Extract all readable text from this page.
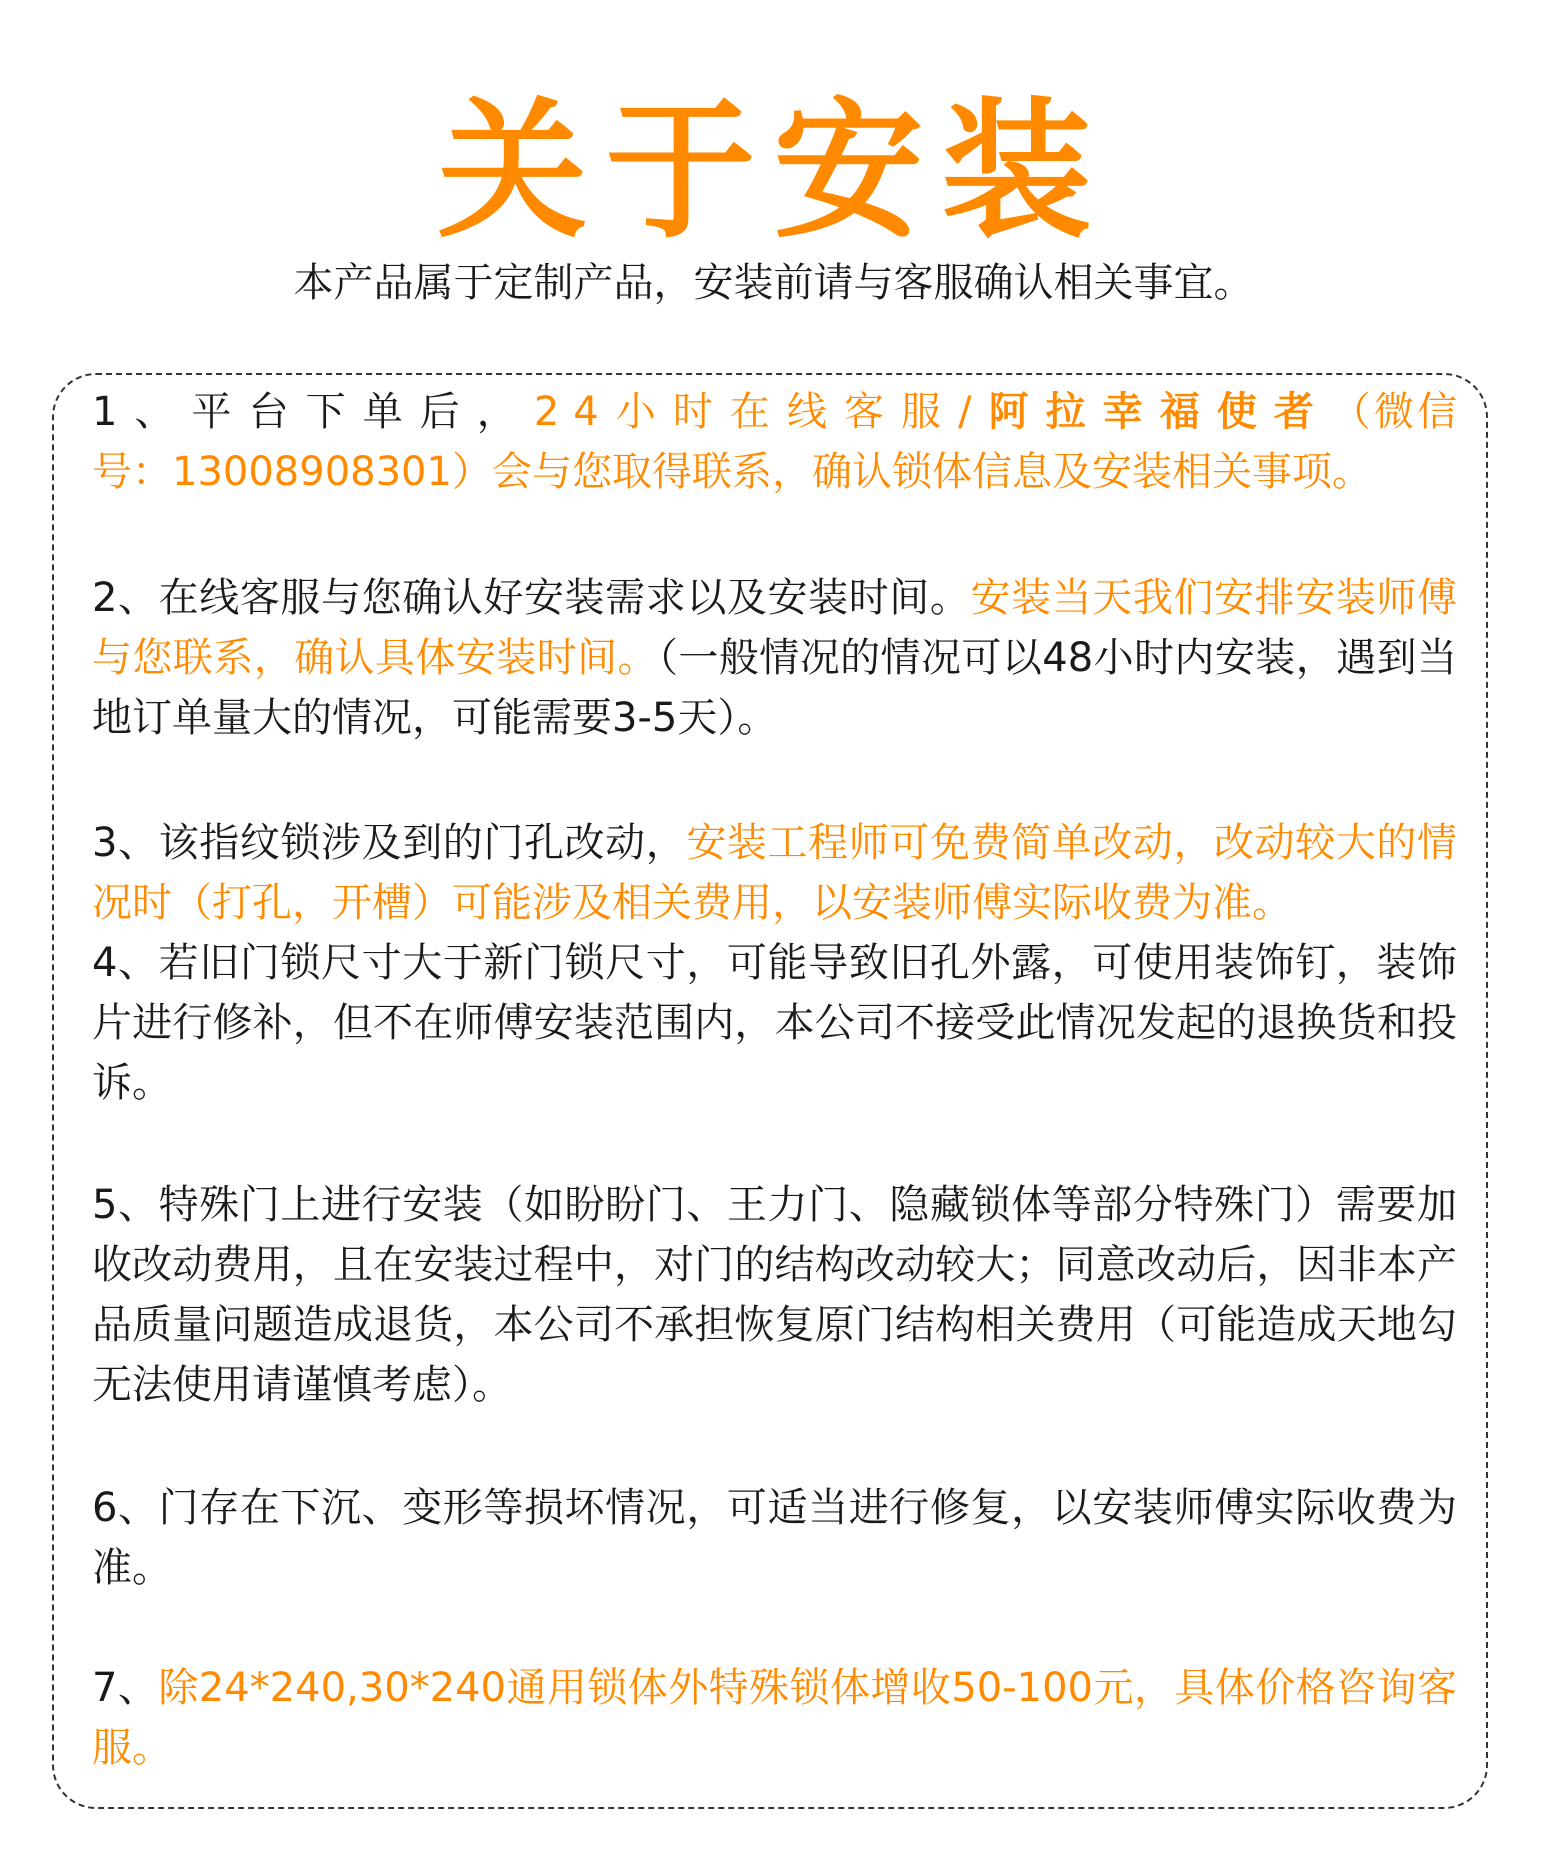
关于安装
本产品属于定制产品，安装前请与客服确认相关事宜。
1、平台下单后，24小时在线客服/阿拉幸福使者（微信号：13008908301）会与您取得联系，确认锁体信息及安装相关事项。
2、在线客服与您确认好安装需求以及安装时间。安装当天我们安排安装师傅与您联系，确认具体安装时间。（一般情况的情况可以48小时内安装，遇到当地订单量大的情况，可能需要3-5天）。
3、该指纹锁涉及到的门孔改动，安装工程师可免费简单改动，改动较大的情况时（打孔，开槽）可能涉及相关费用，以安装师傅实际收费为准。
4、若旧门锁尺寸大于新门锁尺寸，可能导致旧孔外露，可使用装饰钉，装饰片进行修补，但不在师傅安装范围内，本公司不接受此情况发起的退换货和投诉。
5、特殊门上进行安装（如盼盼门、王力门、隐藏锁体等部分特殊门）需要加收改动费用，且在安装过程中，对门的结构改动较大；同意改动后，因非本产品质量问题造成退货，本公司不承担恢复原门结构相关费用（可能造成天地勾无法使用请谨慎考虑）。
6、门存在下沉、变形等损坏情况，可适当进行修复，以安装师傅实际收费为准。
7、除24*240,30*240通用锁体外特殊锁体增收50-100元，具体价格咨询客服。
